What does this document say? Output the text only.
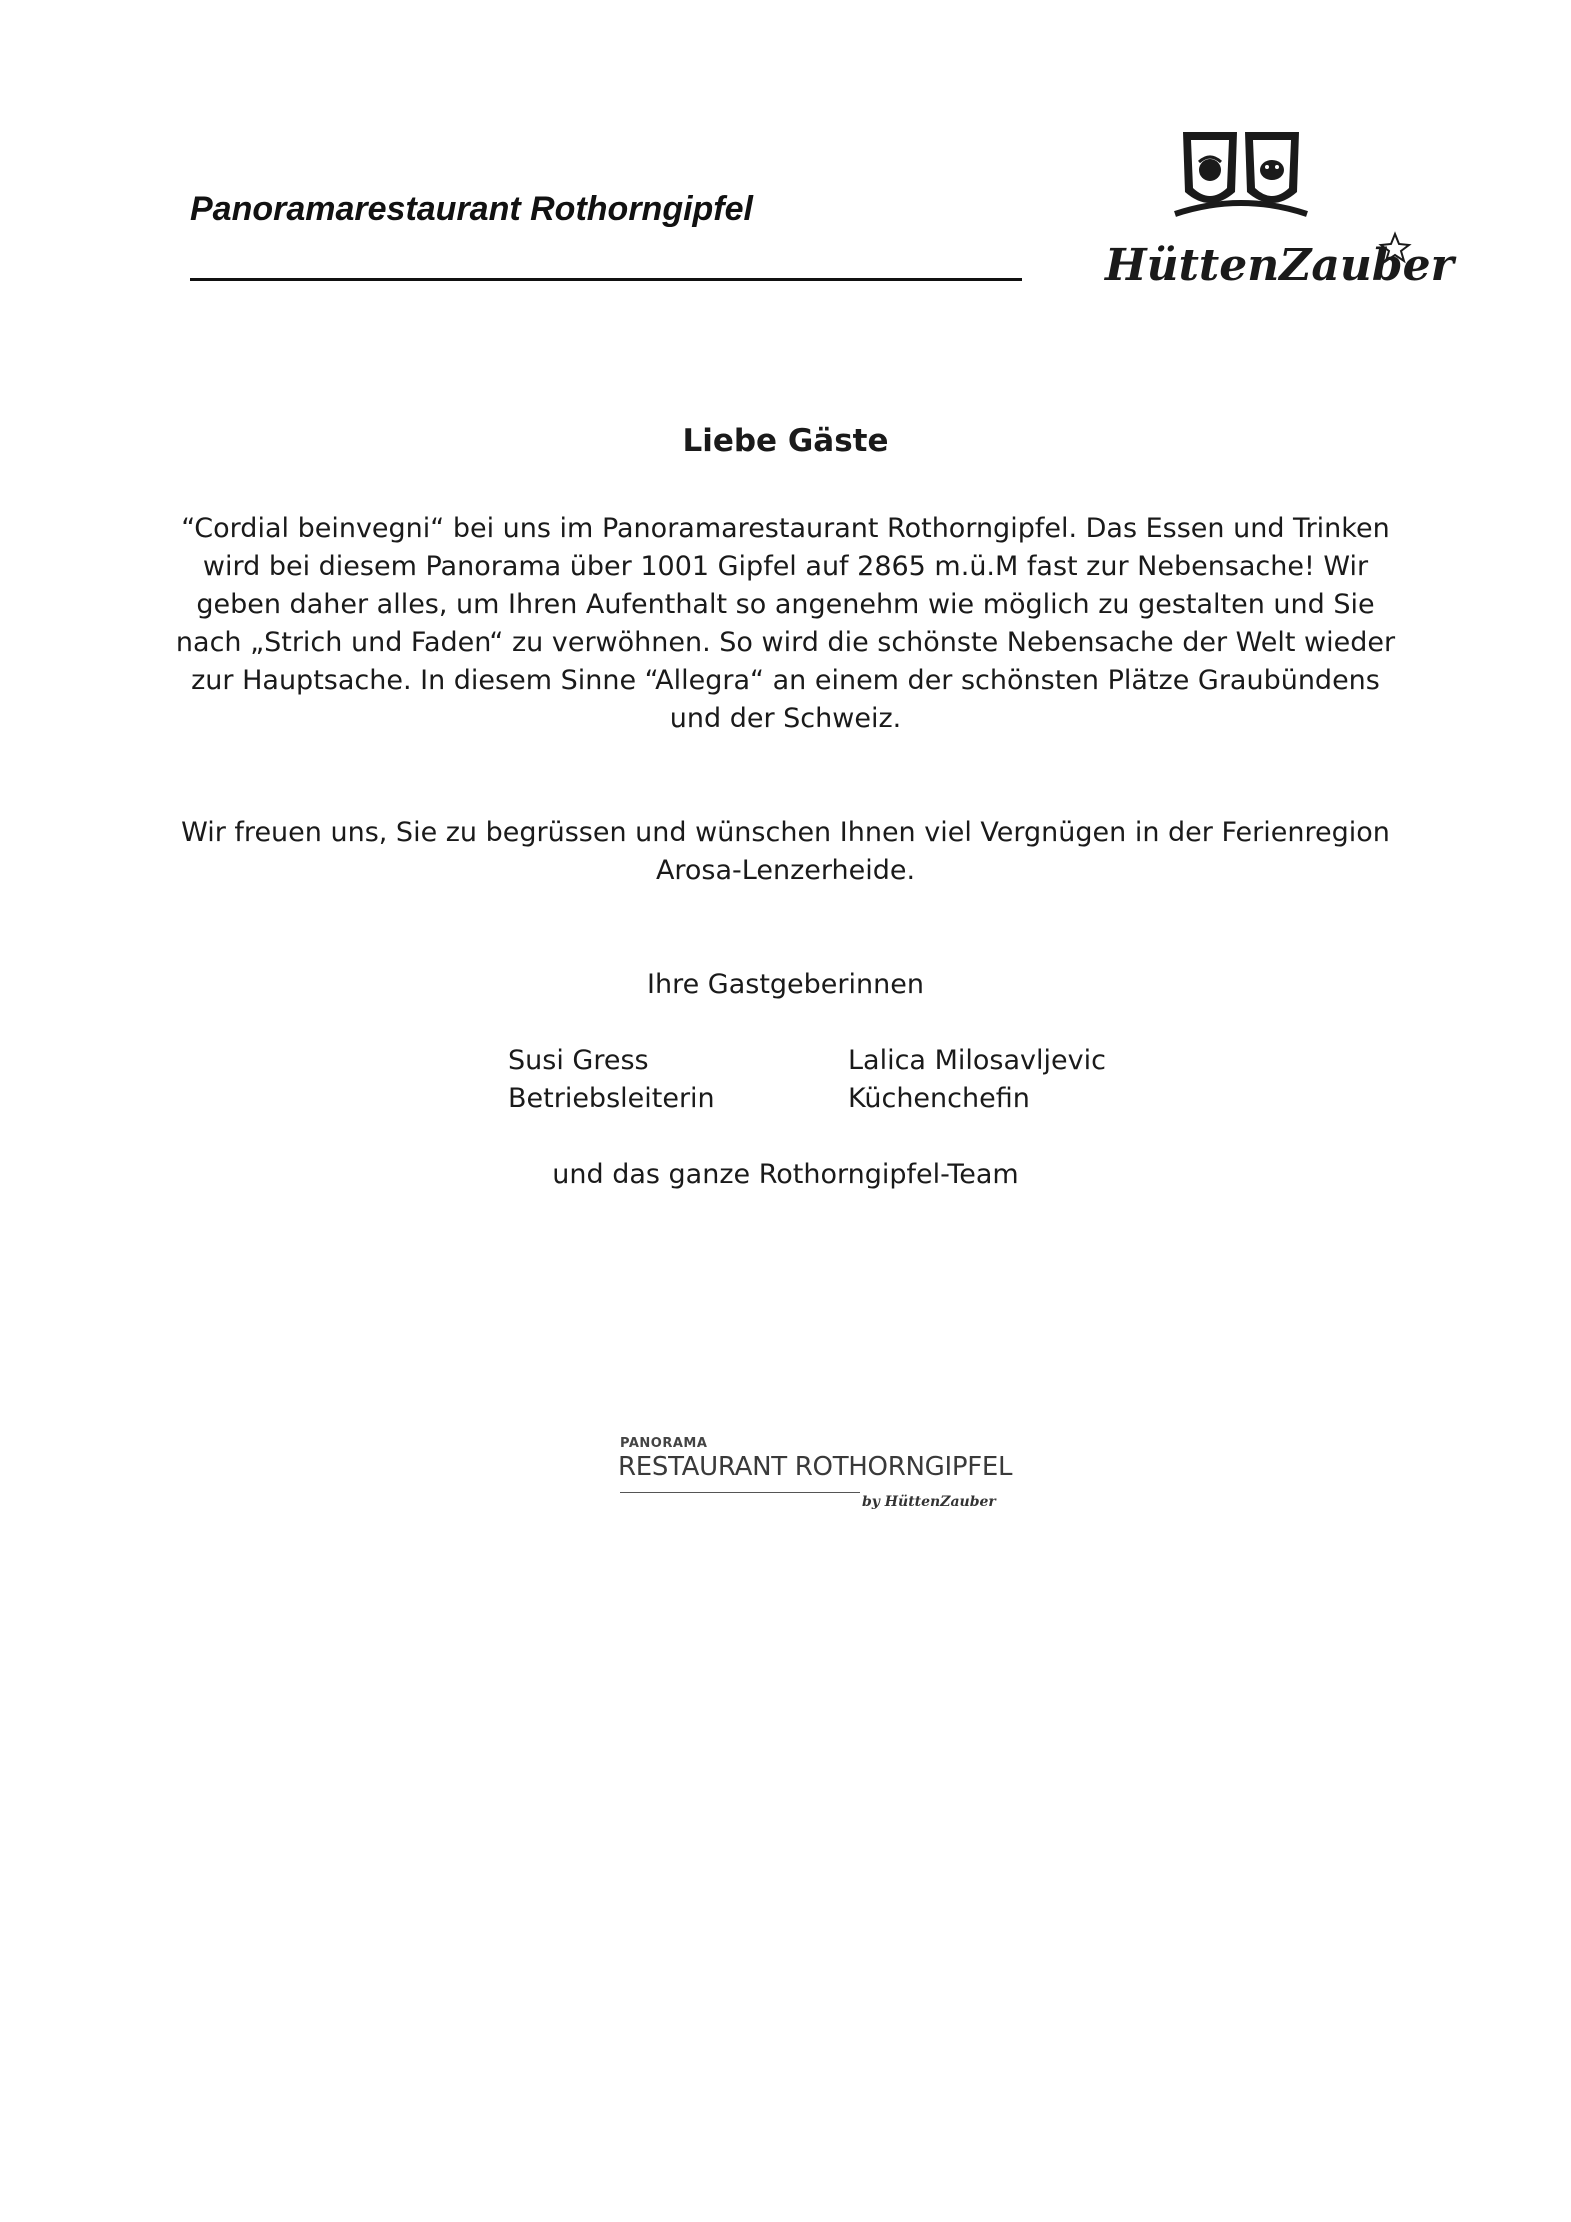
Panoramarestaurant Rothorngipfel
HüttenZauber
Liebe Gäste
“Cordial beinvegni“ bei uns im Panoramarestaurant Rothorngipfel. Das Essen und Trinken wird bei diesem Panorama über 1001 Gipfel auf 2865 m.ü.M fast zur Nebensache! Wir geben daher alles, um Ihren Aufenthalt so angenehm wie möglich zu gestalten und Sie nach „Strich und Faden“ zu verwöhnen. So wird die schönste Nebensache der Welt wieder zur Hauptsache. In diesem Sinne “Allegra“ an einem der schönsten Plätze Graubündens und der Schweiz.
Wir freuen uns, Sie zu begrüssen und wünschen Ihnen viel Vergnügen in der Ferienregion Arosa-Lenzerheide.
Ihre Gastgeberinnen
Susi Gress
Betriebsleiterin
Lalica Milosavljevic
Küchenchefin
und das ganze Rothorngipfel-Team
PANORAMA
RESTAURANT ROTHORNGIPFEL
by HüttenZauber
